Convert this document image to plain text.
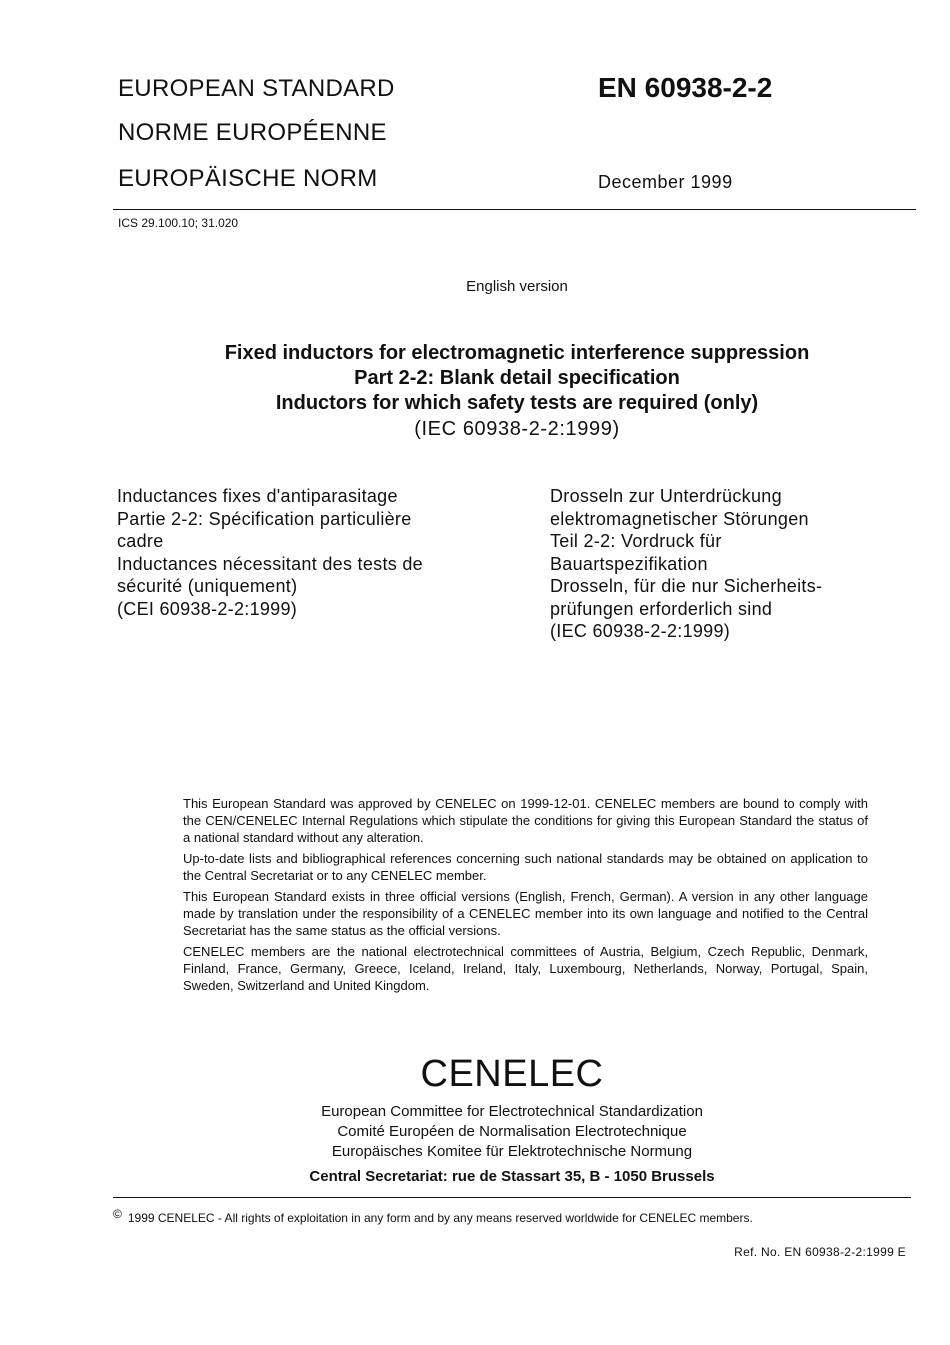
EUROPEAN STANDARD
NORME EUROPÉENNE
EUROPÄISCHE NORM
EN 60938-2-2
December 1999
ICS 29.100.10; 31.020
English version

Fixed inductors for electromagnetic interference suppression

Part 2-2: Blank detail specification

Inductors for which safety tests are required (only)

(IEC 60938-2-2:1999)

Inductances fixes d'antiparasitage

Partie 2-2: Spécification particulière

cadre

Inductances nécessitant des tests de

sécurité (uniquement)

(CEI 60938-2-2:1999)

Drosseln zur Unterdrückung

elektromagnetischer Störungen

Teil 2-2: Vordruck für

Bauartspezifikation

Drosseln, für die nur Sicherheits-

prüfungen erforderlich sind

(IEC 60938-2-2:1999)

This European Standard was approved by CENELEC on 1999-12-01. CENELEC members are bound to comply with the CEN/CENELEC Internal Regulations which stipulate the conditions for giving this European Standard the status of a national standard without any alteration.

Up-to-date lists and bibliographical references concerning such national standards may be obtained on application to the Central Secretariat or to any CENELEC member.

This European Standard exists in three official versions (English, French, German). A version in any other language made by translation under the responsibility of a CENELEC member into its own language and notified to the Central Secretariat has the same status as the official versions.

CENELEC members are the national electrotechnical committees of Austria, Belgium, Czech Republic, Denmark, Finland, France, Germany, Greece, Iceland, Ireland, Italy, Luxembourg, Netherlands, Norway, Portugal, Spain, Sweden, Switzerland and United Kingdom.

CENELEC

European Committee for Electrotechnical Standardization

Comité Européen de Normalisation Electrotechnique

Europäisches Komitee für Elektrotechnische Normung

Central Secretariat: rue de Stassart 35, B - 1050 Brussels
© 1999 CENELEC - All rights of exploitation in any form and by any means reserved worldwide for CENELEC members.
Ref. No. EN 60938-2-2:1999 E
